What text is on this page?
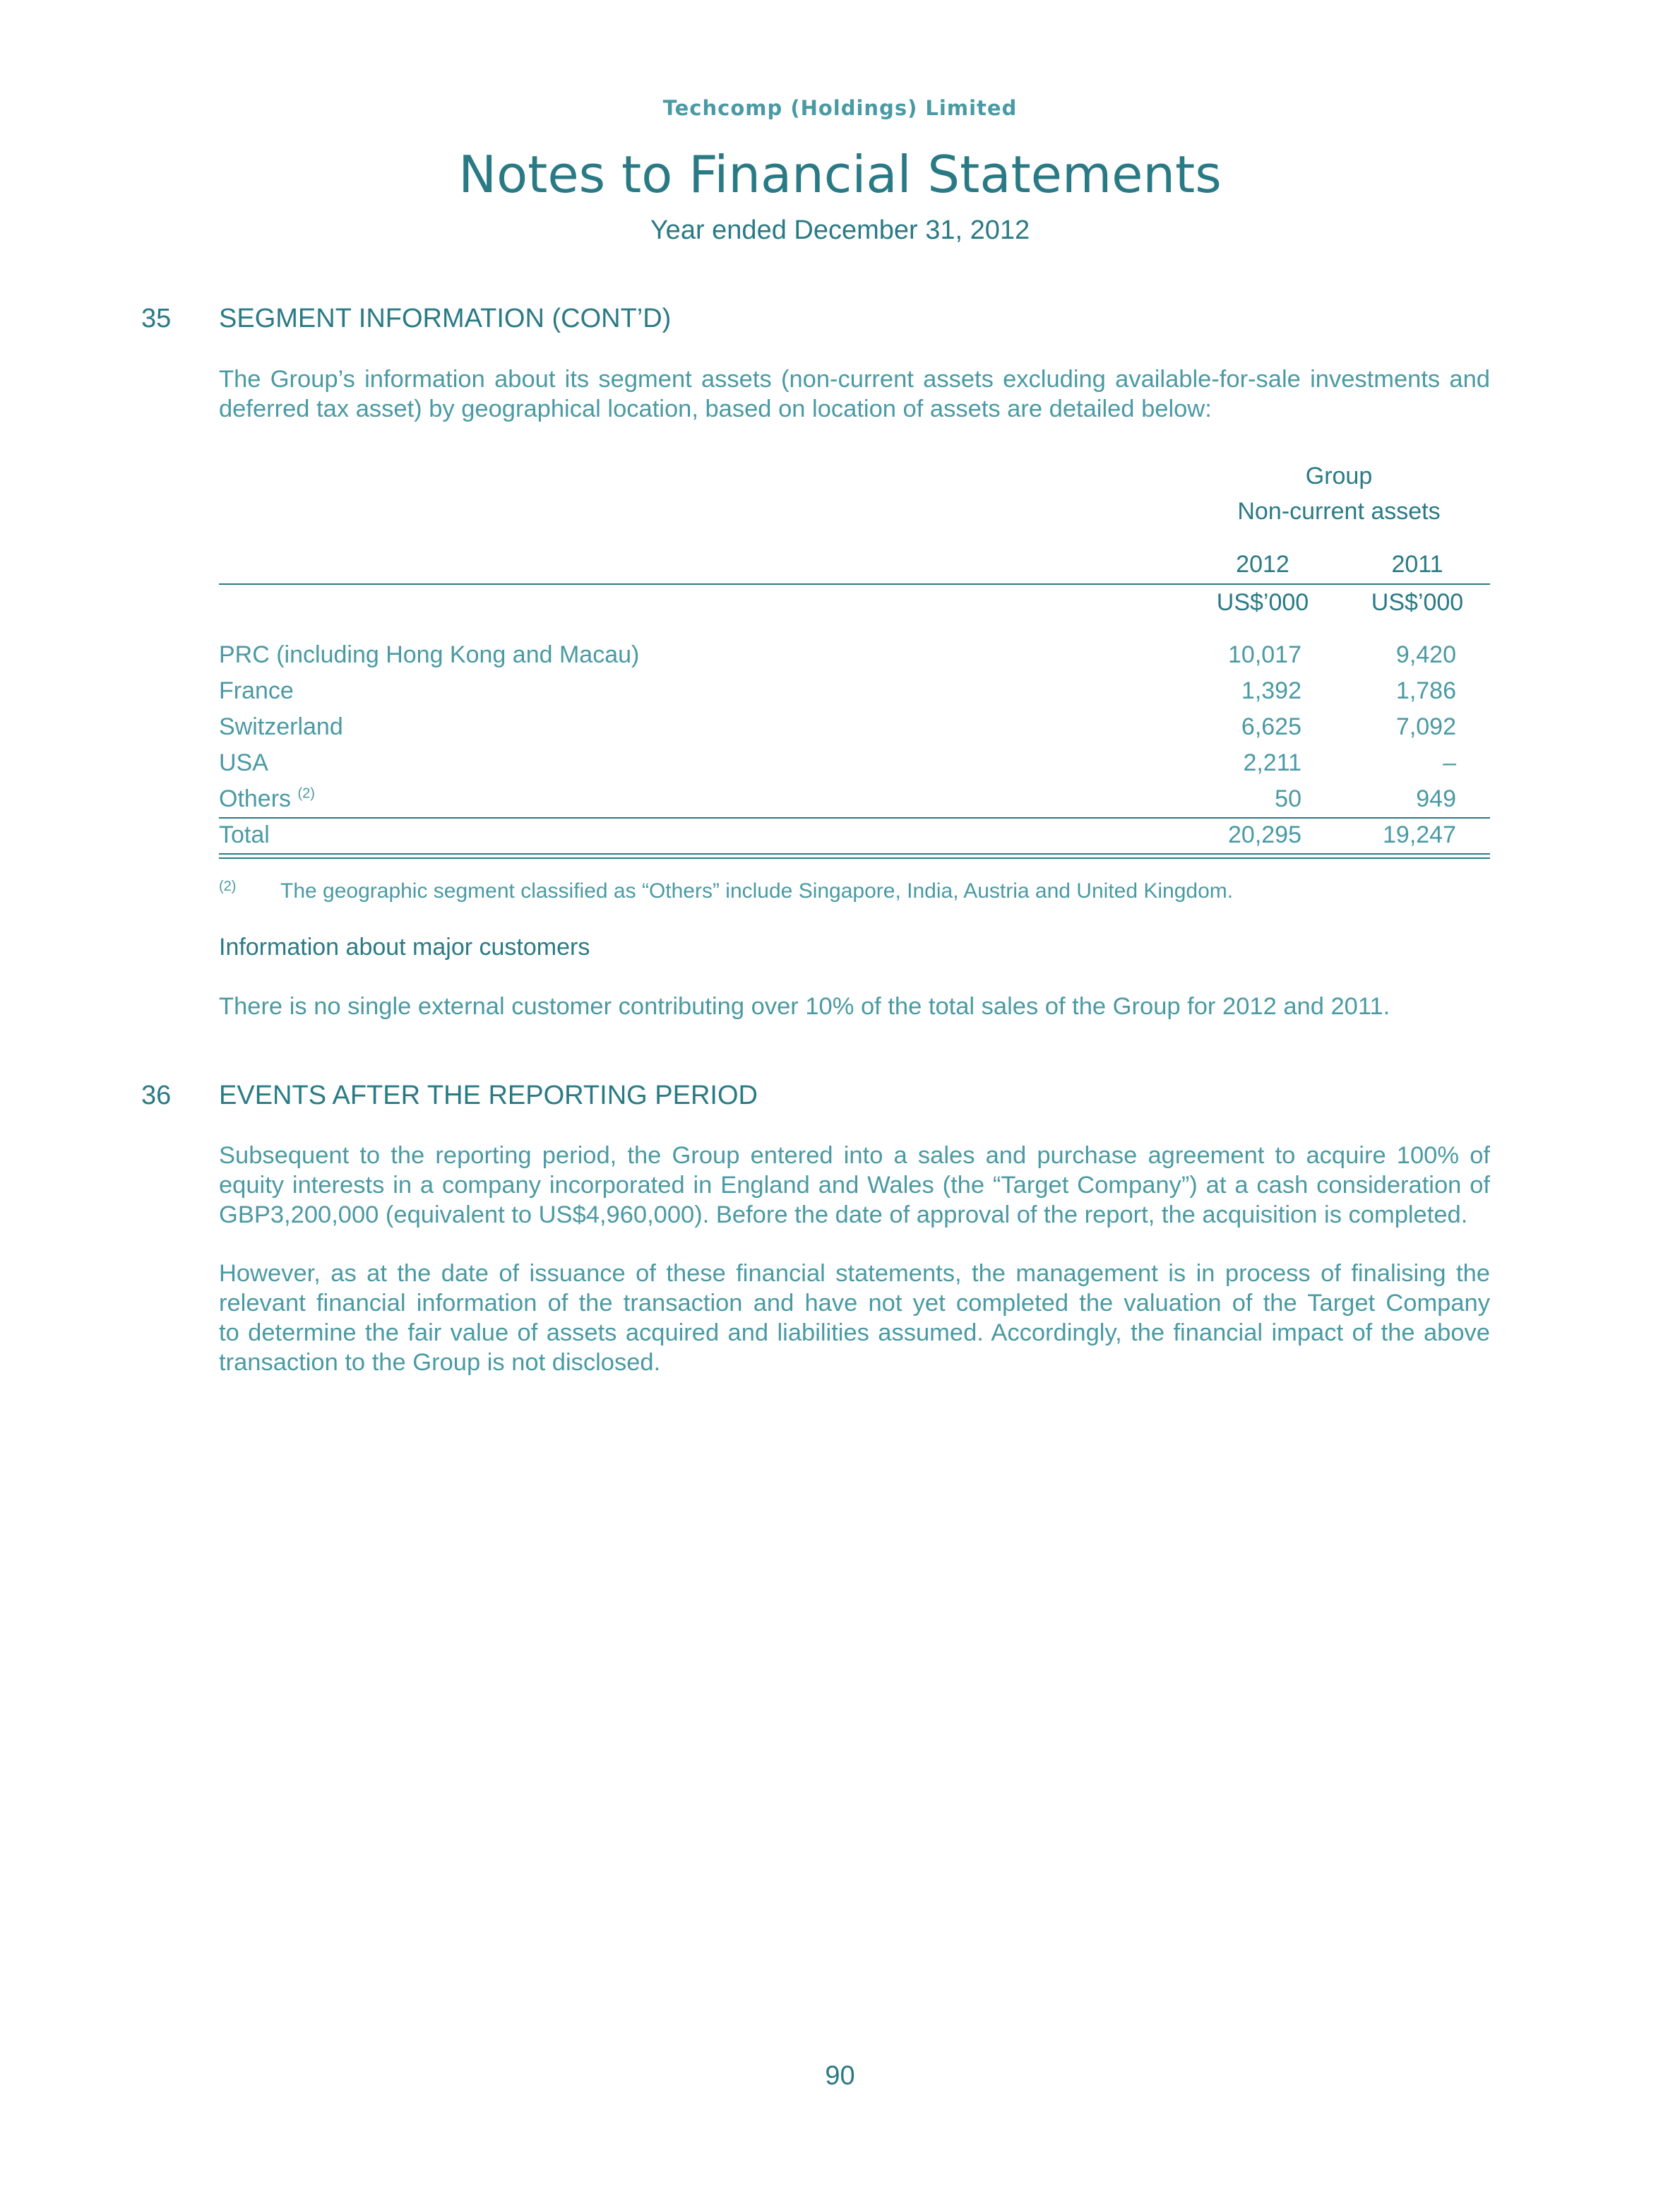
Techcomp (Holdings) Limited
Notes to Financial Statements
Year ended December 31, 2012
35 SEGMENT INFORMATION (CONT’D)
The Group’s information about its segment assets (non-current assets excluding available-for-sale investments and
deferred tax asset) by geographical location, based on location of assets are detailed below:
Group
Non-current assets
2012	2011
US$’000	US$’000
PRC (including Hong Kong and Macau)	10,017	9,420
France	1,392	1,786
Switzerland	6,625	7,092
USA	2,211	–
Others $^{(2)}$	50	949
Total	20,295	19,247
(2) The geographic segment classified as “Others” include Singapore, India, Austria and United Kingdom.
Information about major customers
There is no single external customer contributing over 10% of the total sales of the Group for 2012 and 2011.
36 EVENTS AFTER THE REPORTING PERIOD
Subsequent to the reporting period, the Group entered into a sales and purchase agreement to acquire 100% of
equity interests in a company incorporated in England and Wales (the “Target Company”) at a cash consideration of
GBP3,200,000 (equivalent to US$4,960,000). Before the date of approval of the report, the acquisition is completed.
However, as at the date of issuance of these financial statements, the management is in process of finalising the
relevant financial information of the transaction and have not yet completed the valuation of the Target Company
to determine the fair value of assets acquired and liabilities assumed. Accordingly, the financial impact of the above
transaction to the Group is not disclosed.
90
